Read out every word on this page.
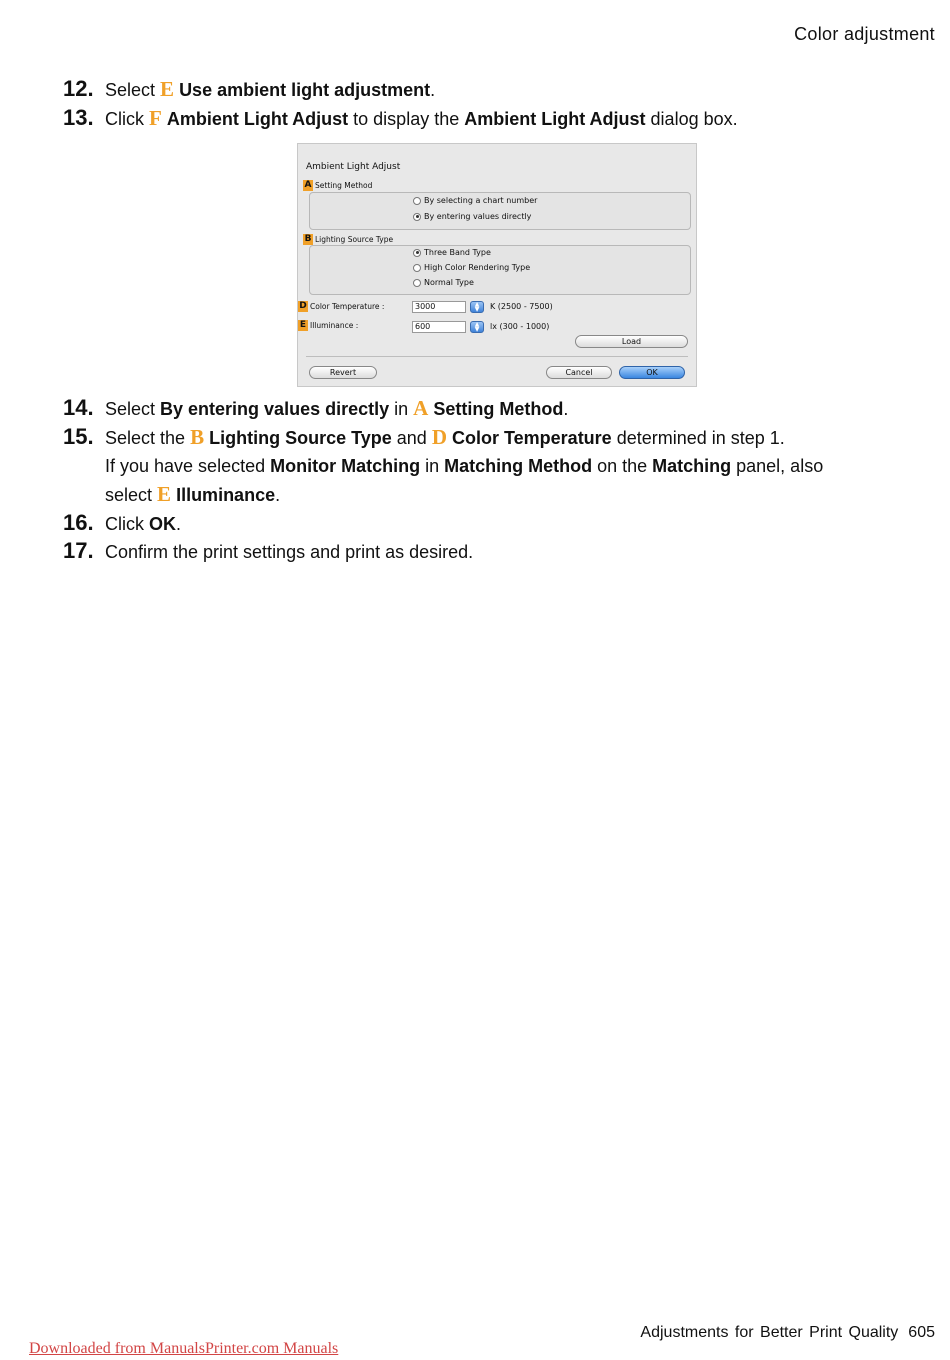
Color adjustment
12. Select E Use ambient light adjustment.
13. Click F Ambient Light Adjust to display the Ambient Light Adjust dialog box.
Ambient Light Adjust
A Setting Method
By selecting a chart number
By entering values directly
B Lighting Source Type
Three Band Type
High Color Rendering Type
Normal Type
D Color Temperature :	3000	▲
▼	K (2500 - 7500)
E Illuminance :	600	▲
▼	lx (300 - 1000)
Load
Revert	Cancel	OK
14. Select By entering values directly in A Setting Method.
15. Select the B Lighting Source Type and D Color Temperature determined in step 1.
If you have selected Monitor Matching in Matching Method on the Matching panel, also
select E Illuminance.
16. Click OK.
17. Confirm the print settings and print as desired.
Adjustments for Better Print Quality 605
Downloaded from ManualsPrinter.com Manuals
